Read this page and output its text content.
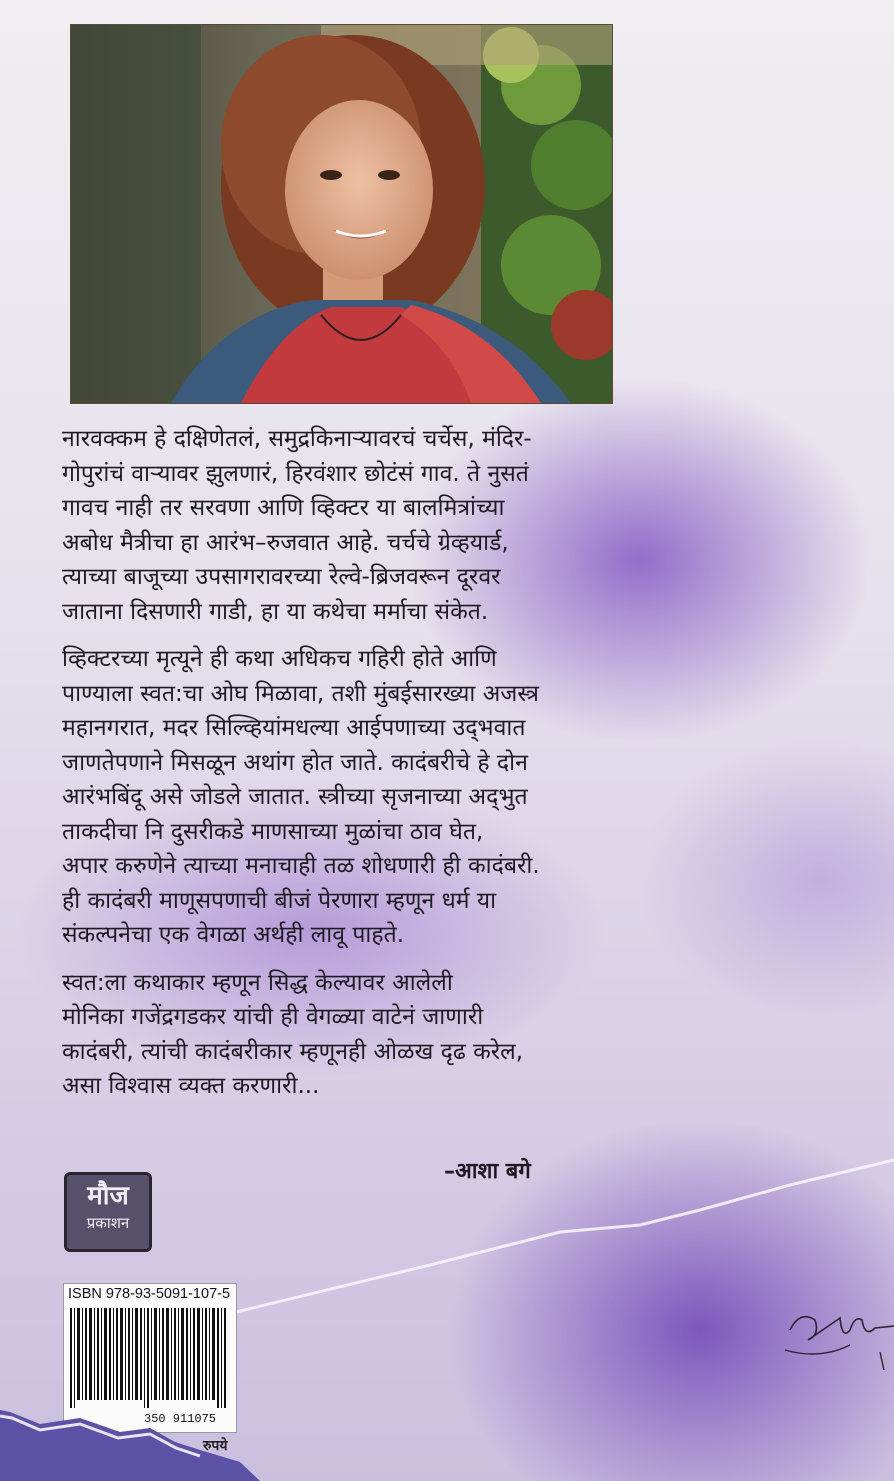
नारवक्कम हे दक्षिणेतलं, समुद्रकिनाऱ्यावरचं चर्चेस, मंदिर-
गोपुरांचं वाऱ्यावर झुलणारं, हिरवंशार छोटंसं गाव. ते नुसतं
गावच नाही तर सरवणा आणि व्हिक्टर या बालमित्रांच्या
अबोध मैत्रीचा हा आरंभ–रुजवात आहे. चर्चचे ग्रेव्हयार्ड,
त्याच्या बाजूच्या उपसागरावरच्या रेल्वे-ब्रिजवरून दूरवर
जाताना दिसणारी गाडी, हा या कथेचा मर्माचा संकेत.

व्हिक्टरच्या मृत्यूने ही कथा अधिकच गहिरी होते आणि
पाण्याला स्वत:चा ओघ मिळावा, तशी मुंबईसारख्या अजस्त्र
महानगरात, मदर सिल्व्हियांमधल्या आईपणाच्या उद्‌भवात
जाणतेपणाने मिसळून अथांग होत जाते. कादंबरीचे हे दोन
आरंभबिंदू असे जोडले जातात. स्त्रीच्या सृजनाच्या अद्‌भुत
ताकदीचा नि दुसरीकडे माणसाच्या मुळांचा ठाव घेत,
अपार करुणेने त्याच्या मनाचाही तळ शोधणारी ही कादंबरी.
ही कादंबरी माणूसपणाची बीजं पेरणारा म्हणून धर्म या
संकल्पनेचा एक वेगळा अर्थही लावू पाहते.

स्वत:ला कथाकार म्हणून सिद्ध केल्यावर आलेली
मोनिका गजेंद्रगडकर यांची ही वेगळ्या वाटेनं जाणारी
कादंबरी, त्यांची कादंबरीकार म्हणूनही ओळख दृढ करेल,
असा विश्वास व्यक्त करणारी...

–आशा बगे
मौज
प्रकाशन
ISBN 978-93-5091-107-5
350 911075
रुपये
